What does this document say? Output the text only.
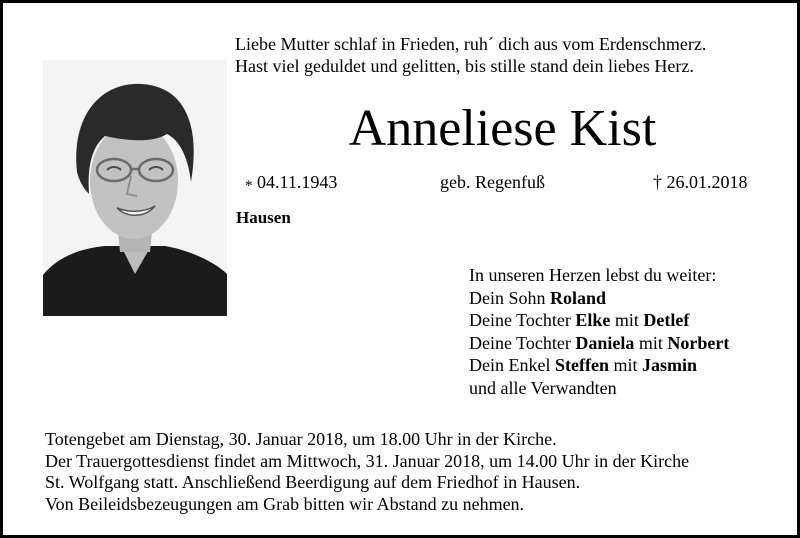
Liebe Mutter schlaf in Frieden, ruh´ dich aus vom Erdenschmerz.
Hast viel geduldet und gelitten, bis stille stand dein liebes Herz.
Anneliese Kist
* 04.11.1943	geb. Regenfuß	† 26.01.2018
Hausen
In unseren Herzen lebst du weiter:
Dein Sohn Roland
Deine Tochter Elke mit Detlef
Deine Tochter Daniela mit Norbert
Dein Enkel Steffen mit Jasmin
und alle Verwandten
Totengebet am Dienstag, 30. Januar 2018, um 18.00 Uhr in der Kirche.
Der Trauergottesdienst findet am Mittwoch, 31. Januar 2018, um 14.00 Uhr in der Kirche
St. Wolfgang statt. Anschließend Beerdigung auf dem Friedhof in Hausen.
Von Beileidsbezeugungen am Grab bitten wir Abstand zu nehmen.
